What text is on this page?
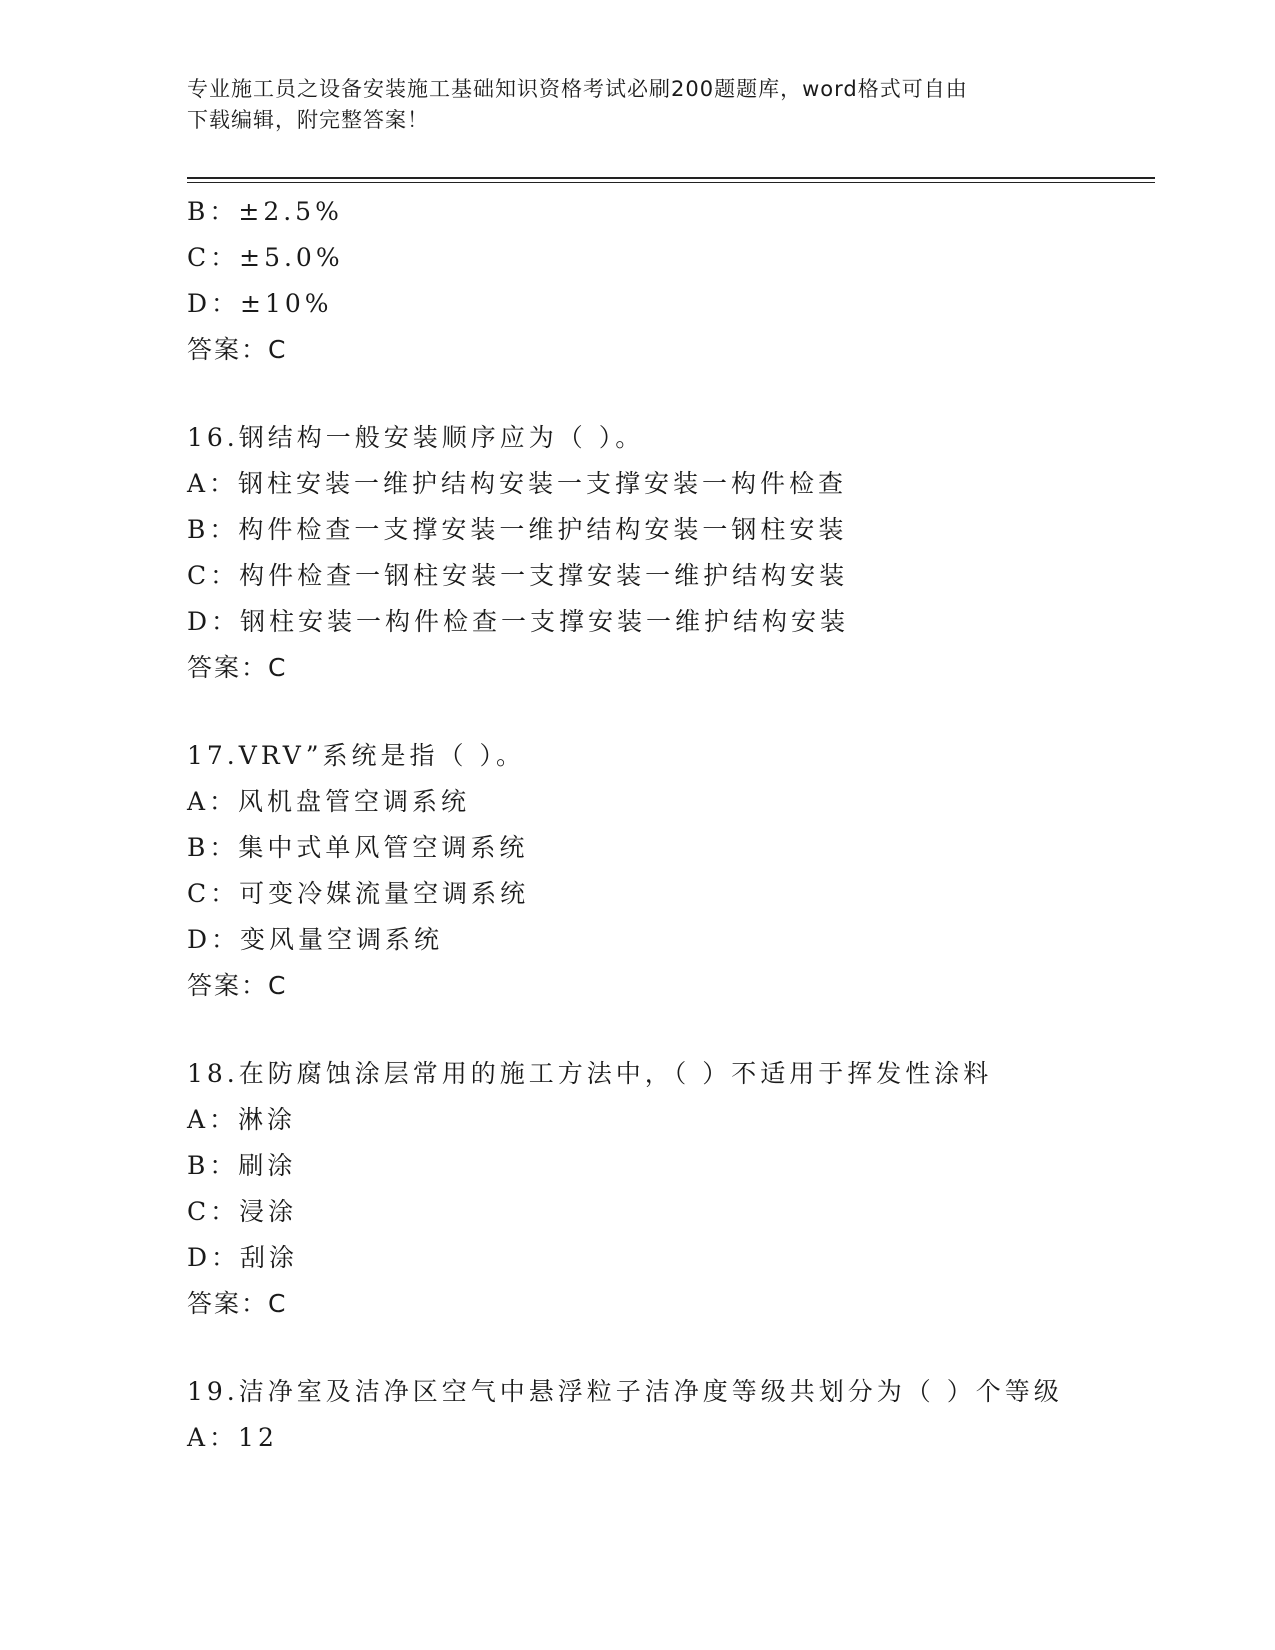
专业施工员之设备安装施工基础知识资格考试必刷200题题库，word格式可自由
下载编辑，附完整答案！
B：±2.5%
C：±5.0%
D：±10%
答案：C
16.钢结构一般安装顺序应为（ ）。
A：钢柱安装一维护结构安装一支撑安装一构件检查
B：构件检查一支撑安装一维护结构安装一钢柱安装
C：构件检查一钢柱安装一支撑安装一维护结构安装
D：钢柱安装一构件检查一支撑安装一维护结构安装
答案：C
17.VRV”系统是指（ ）。
A：风机盘管空调系统
B：集中式单风管空调系统
C：可变冷媒流量空调系统
D：变风量空调系统
答案：C
18.在防腐蚀涂层常用的施工方法中，（ ）不适用于挥发性涂料
A：淋涂
B：刷涂
C：浸涂
D：刮涂
答案：C
19.洁净室及洁净区空气中悬浮粒子洁净度等级共划分为（ ）个等级
A：12
